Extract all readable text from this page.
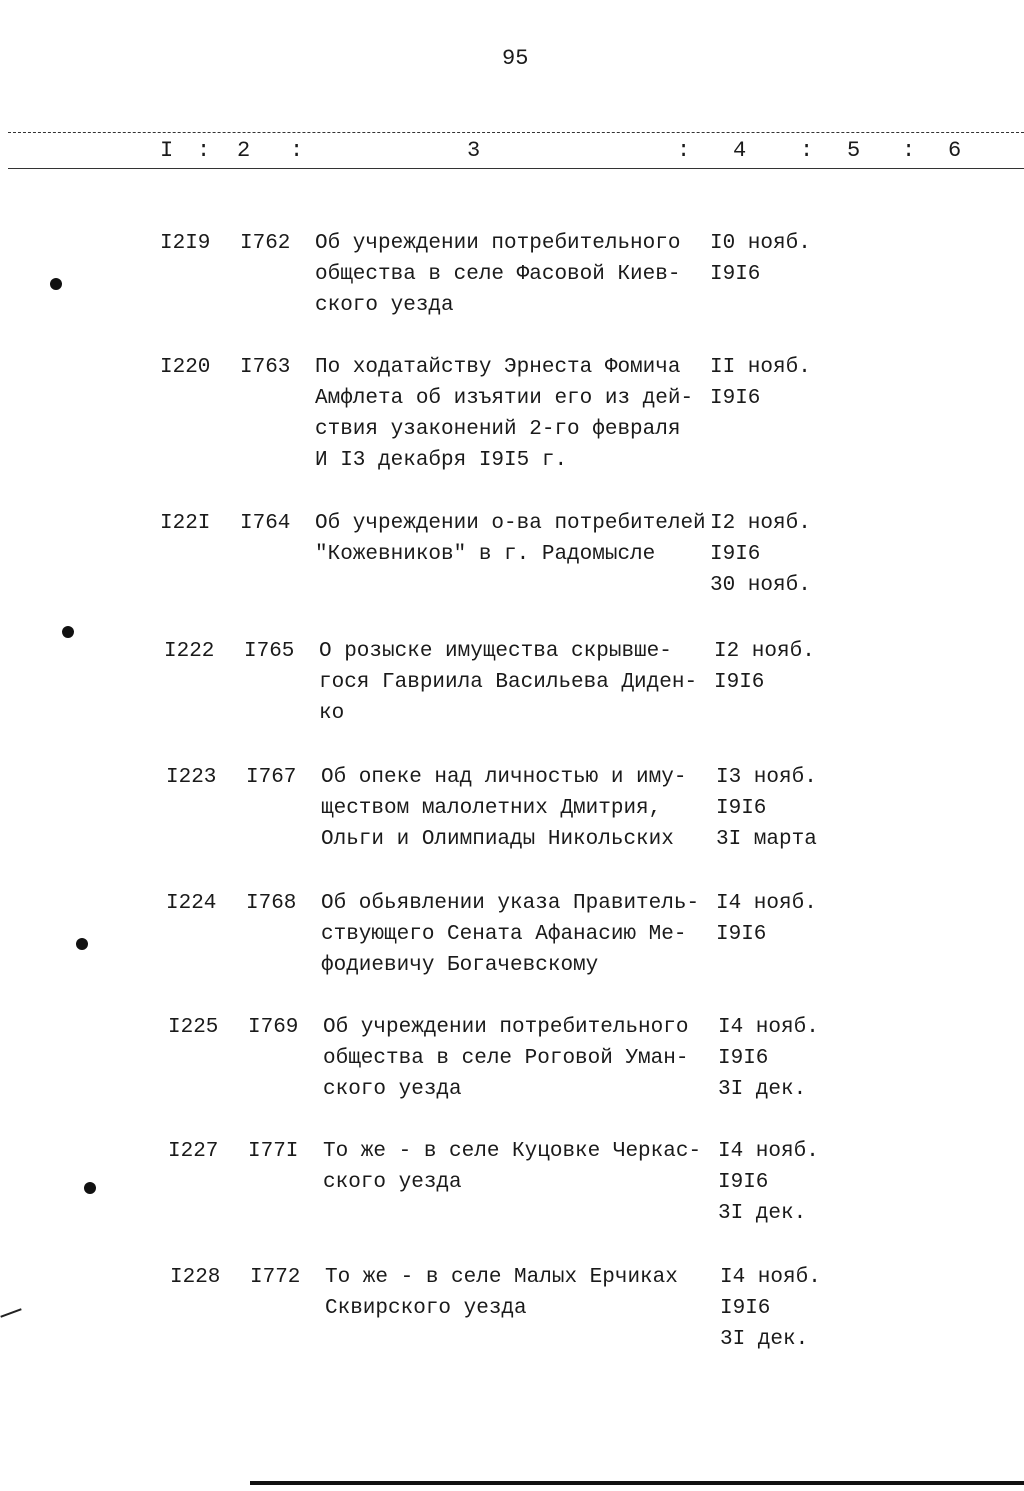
95
I : 2 :	3	: 4 : 5 : 6
I2I9 I762 Об учреждении потребительного
общества в селе Фасовой Киев-
ского уезда
I0 нояб.
I9I6
I220 I763 По ходатайству Эрнеста Фомича
Амфлета об изъятии его из дей-
ствия узаконений 2-го февраля
И I3 декабря I9I5 г.
II нояб.
I9I6
I22I I764 Об учреждении о-ва потребителей
"Кожевников" в г. Радомысле
I2 нояб.
I9I6
30 нояб.
I222 I765 О розыске имущества скрывше-
гося Гавриила Васильева Диден-
ко
I2 нояб.
I9I6
I223 I767 Об опеке над личностью и иму-
ществом малолетних Дмитрия,
Ольги и Олимпиады Никольских
I3 нояб.
I9I6
3I марта
I224 I768 Об обьявлении указа Правитель-
ствующего Сената Афанасию Ме-
фодиевичу Богачевскому
I4 нояб.
I9I6
I225 I769 Об учреждении потребительного
общества в селе Роговой Уман-
ского уезда
I4 нояб.
I9I6
3I дек.
I227 I77I То же - в селе Куцовке Черкас-
ского уезда
I4 нояб.
I9I6
3I дек.
I228 I772 То же - в селе Малых Ерчиках
Сквирского уезда
I4 нояб.
I9I6
3I дек.
